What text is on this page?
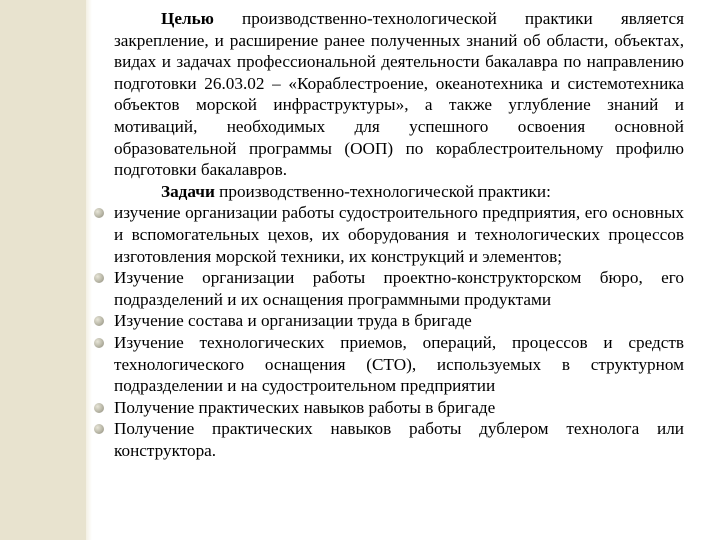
Целью производственно-технологической практики является закрепление, и расширение ранее полученных знаний об области, объектах, видах и задачах профессиональной деятельности бакалавра по направлению подготовки 26.03.02 – «Кораблестроение, океанотехника и системотехника объектов морской инфраструктуры», а также углубление знаний и мотиваций, необходимых для успешного освоения основной образовательной программы (ООП) по кораблестроительному профилю подготовки бакалавров.

Задачи производственно-технологической практики:

изучение организации работы судостроительного предприятия, его основных и вспомогательных цехов, их оборудования и технологических процессов изготовления морской техники, их конструкций и элементов;
Изучение организации работы проектно-конструкторском бюро, его подразделений и их оснащения программными продуктами
Изучение состава и организации труда в бригаде
Изучение технологических приемов, операций, процессов и средств технологического оснащения (СТО), используемых в структурном подразделении и на судостроительном предприятии
Получение практических навыков работы в бригаде
Получение практических навыков работы дублером технолога или конструктора.
